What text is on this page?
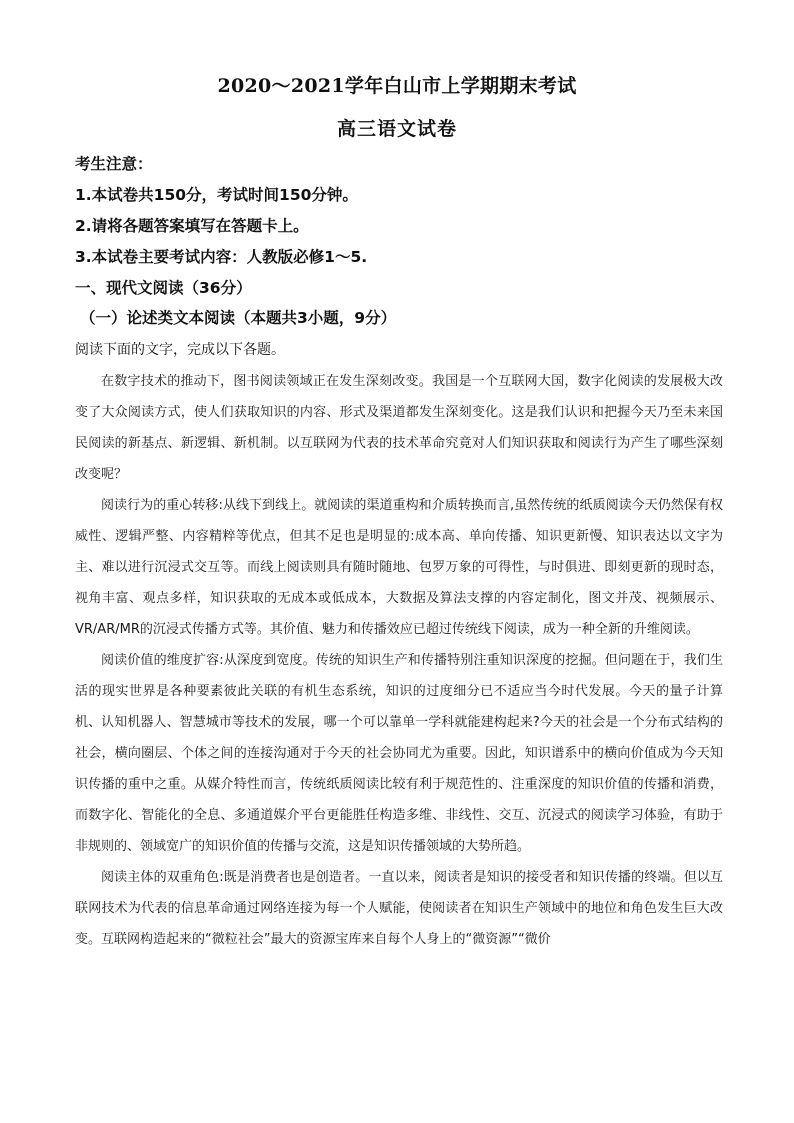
2020～2021学年白山市上学期期末考试
高三语文试卷
考生注意：
1.本试卷共150分，考试时间150分钟。
2.请将各题答案填写在答题卡上。
3.本试卷主要考试内容：人教版必修1～5.
一、现代文阅读（36分）
（一）论述类文本阅读（本题共3小题，9分）
阅读下面的文字，完成以下各题。

在数字技术的推动下，图书阅读领域正在发生深刻改变。我国是一个互联网大国，数字化阅读的发展极大改变了大众阅读方式，使人们获取知识的内容、形式及渠道都发生深刻变化。这是我们认识和把握今天乃至未来国民阅读的新基点、新逻辑、新机制。以互联网为代表的技术革命究竟对人们知识获取和阅读行为产生了哪些深刻改变呢？

阅读行为的重心转移:从线下到线上。就阅读的渠道重构和介质转换而言,虽然传统的纸质阅读今天仍然保有权威性、逻辑严整、内容精粹等优点，但其不足也是明显的:成本高、单向传播、知识更新慢、知识表达以文字为主、难以进行沉浸式交互等。而线上阅读则具有随时随地、包罗万象的可得性，与时俱进、即刻更新的现时态，视角丰富、观点多样，知识获取的无成本或低成本，大数据及算法支撑的内容定制化，图文并茂、视频展示、VR/AR/MR的沉浸式传播方式等。其价值、魅力和传播效应已超过传统线下阅读，成为一种全新的升维阅读。

阅读价值的维度扩容:从深度到宽度。传统的知识生产和传播特别注重知识深度的挖掘。但问题在于，我们生活的现实世界是各种要素彼此关联的有机生态系统，知识的过度细分已不适应当今时代发展。今天的量子计算机、认知机器人、智慧城市等技术的发展，哪一个可以靠单一学科就能建构起来?今天的社会是一个分布式结构的社会，横向圈层、个体之间的连接沟通对于今天的社会协同尤为重要。因此，知识谱系中的横向价值成为今天知识传播的重中之重。从媒介特性而言，传统纸质阅读比较有利于规范性的、注重深度的知识价值的传播和消费，而数字化、智能化的全息、多通道媒介平台更能胜任构造多维、非线性、交互、沉浸式的阅读学习体验，有助于非规则的、领域宽广的知识价值的传播与交流，这是知识传播领域的大势所趋。

阅读主体的双重角色:既是消费者也是创造者。一直以来，阅读者是知识的接受者和知识传播的终端。但以互联网技术为代表的信息革命通过网络连接为每一个人赋能，使阅读者在知识生产领域中的地位和角色发生巨大改变。互联网构造起来的“微粒社会”最大的资源宝库来自每个人身上的“微资源”“微价
